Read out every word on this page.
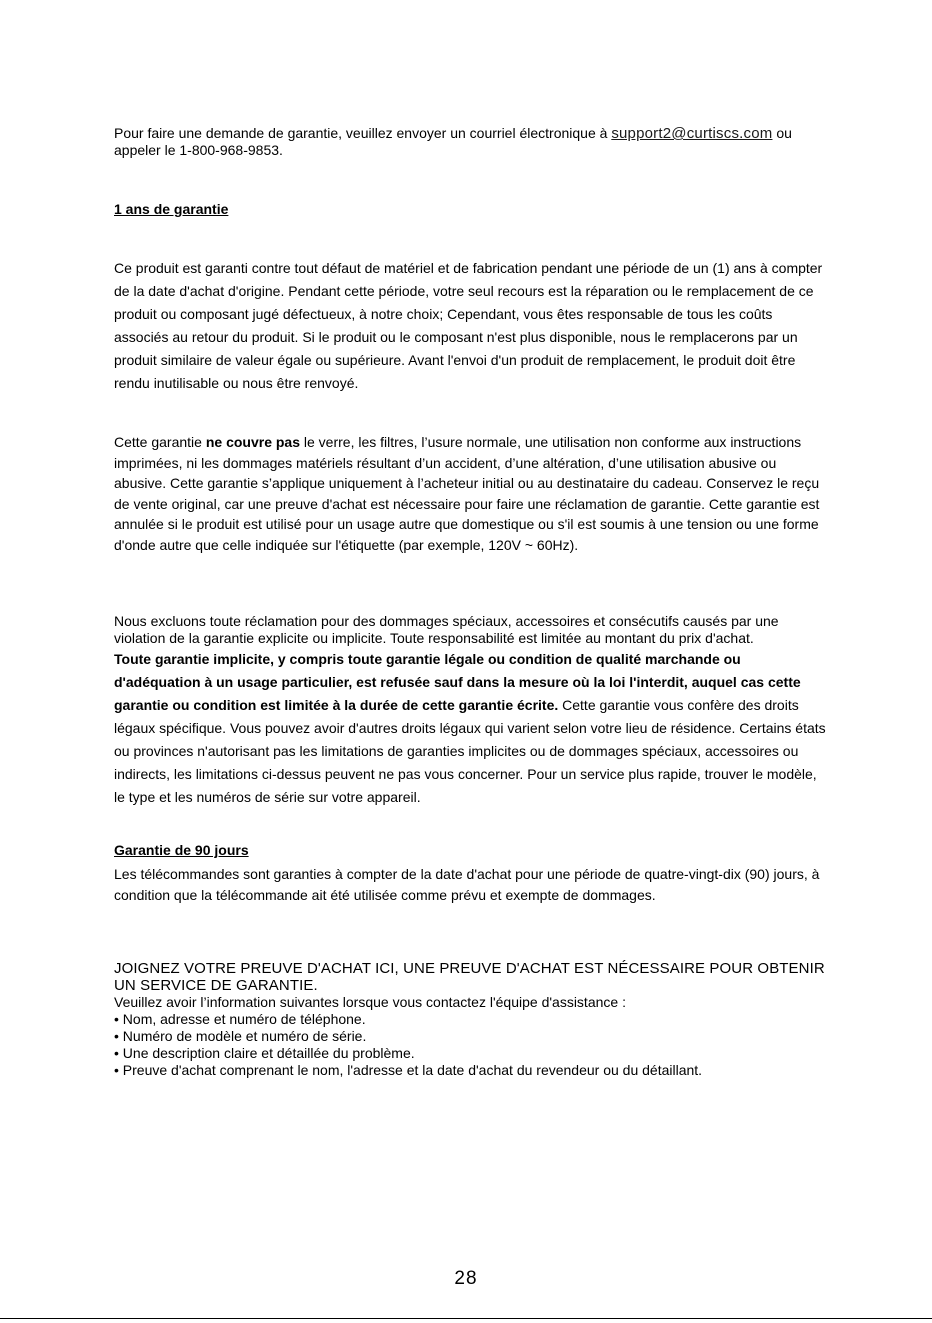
Pour faire une demande de garantie, veuillez envoyer un courriel électronique à support2@curtiscs.com ou appeler le 1-800-968-9853.

1 ans de garantie

Ce produit est garanti contre tout défaut de matériel et de fabrication pendant une période de un (1) ans à compter de la date d'achat d'origine. Pendant cette période, votre seul recours est la réparation ou le remplacement de ce produit ou composant jugé défectueux, à notre choix; Cependant, vous êtes responsable de tous les coûts associés au retour du produit. Si le produit ou le composant n'est plus disponible, nous le remplacerons par un produit similaire de valeur égale ou supérieure. Avant l'envoi d'un produit de remplacement, le produit doit être rendu inutilisable ou nous être renvoyé.

Cette garantie ne couvre pas le verre, les filtres, l’usure normale, une utilisation non conforme aux instructions imprimées, ni les dommages matériels résultant d’un accident, d’une altération, d’une utilisation abusive ou abusive. Cette garantie s’applique uniquement à l’acheteur initial ou au destinataire du cadeau. Conservez le reçu de vente original, car une preuve d'achat est nécessaire pour faire une réclamation de garantie. Cette garantie est annulée si le produit est utilisé pour un usage autre que domestique ou s'il est soumis à une tension ou une forme d'onde autre que celle indiquée sur l'étiquette (par exemple, 120V ~ 60Hz).

Nous excluons toute réclamation pour des dommages spéciaux, accessoires et consécutifs causés par une violation de la garantie explicite ou implicite. Toute responsabilité est limitée au montant du prix d'achat.

Toute garantie implicite, y compris toute garantie légale ou condition de qualité marchande ou d'adéquation à un usage particulier, est refusée sauf dans la mesure où la loi l'interdit, auquel cas cette garantie ou condition est limitée à la durée de cette garantie écrite. Cette garantie vous confère des droits légaux spécifique. Vous pouvez avoir d'autres droits légaux qui varient selon votre lieu de résidence. Certains états ou provinces n'autorisant pas les limitations de garanties implicites ou de dommages spéciaux, accessoires ou indirects, les limitations ci-dessus peuvent ne pas vous concerner. Pour un service plus rapide, trouver le modèle, le type et les numéros de série sur votre appareil.

Garantie de 90 jours

Les télécommandes sont garanties à compter de la date d'achat pour une période de quatre-vingt-dix (90) jours, à condition que la télécommande ait été utilisée comme prévu et exempte de dommages.

JOIGNEZ VOTRE PREUVE D'ACHAT ICI, UNE PREUVE D'ACHAT EST NÉCESSAIRE POUR OBTENIR UN SERVICE DE GARANTIE.

Veuillez avoir l’information suivantes lorsque vous contactez l'équipe d'assistance :

• Nom, adresse et numéro de téléphone.

• Numéro de modèle et numéro de série.

• Une description claire et détaillée du problème.

• Preuve d'achat comprenant le nom, l'adresse et la date d'achat du revendeur ou du détaillant.

28
